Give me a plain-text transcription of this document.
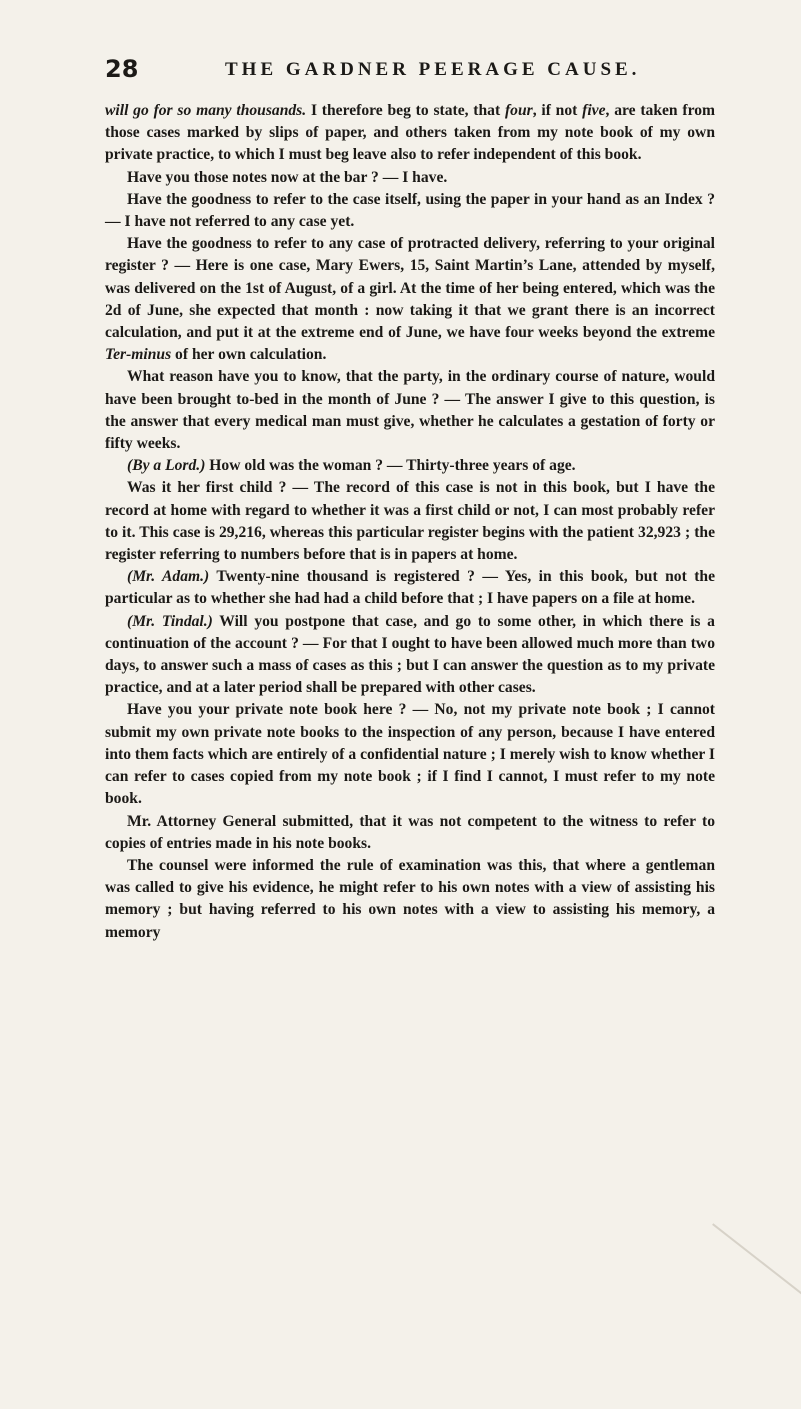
28	THE GARDNER PEERAGE CAUSE.

will go for so many thousands. I therefore beg to state, that four, if not five, are taken from those cases marked by slips of paper, and others taken from my note book of my own private practice, to which I must beg leave also to refer independent of this book.

Have you those notes now at the bar ? — I have.

Have the goodness to refer to the case itself, using the paper in your hand as an Index ? — I have not referred to any case yet.

Have the goodness to refer to any case of protracted delivery, referring to your original register ? — Here is one case, Mary Ewers, 15, Saint Martin’s Lane, attended by myself, was delivered on the 1st of August, of a girl. At the time of her being entered, which was the 2d of June, she expected that month : now taking it that we grant there is an incorrect calculation, and put it at the extreme end of June, we have four weeks beyond the extreme Ter-minus of her own calculation.

What reason have you to know, that the party, in the ordinary course of nature, would have been brought to-bed in the month of June ? — The answer I give to this question, is the answer that every medical man must give, whether he calculates a gestation of forty or fifty weeks.

(By a Lord.) How old was the woman ? — Thirty-three years of age.

Was it her first child ? — The record of this case is not in this book, but I have the record at home with regard to whether it was a first child or not, I can most probably refer to it. This case is 29,216, whereas this particular register begins with the patient 32,923 ; the register referring to numbers before that is in papers at home.

(Mr. Adam.) Twenty-nine thousand is registered ? — Yes, in this book, but not the particular as to whether she had had a child before that ; I have papers on a file at home.

(Mr. Tindal.) Will you postpone that case, and go to some other, in which there is a continuation of the account ? — For that I ought to have been allowed much more than two days, to answer such a mass of cases as this ; but I can answer the question as to my private practice, and at a later period shall be prepared with other cases.

Have you your private note book here ? — No, not my private note book ; I cannot submit my own private note books to the inspection of any person, because I have entered into them facts which are entirely of a confidential nature ; I merely wish to know whether I can refer to cases copied from my note book ; if I find I cannot, I must refer to my note book.

Mr. Attorney General submitted, that it was not competent to the witness to refer to copies of entries made in his note books.

The counsel were informed the rule of examination was this, that where a gentleman was called to give his evidence, he might refer to his own notes with a view of assisting his memory ; but having referred to his own notes with a view to assisting his memory, a memory
